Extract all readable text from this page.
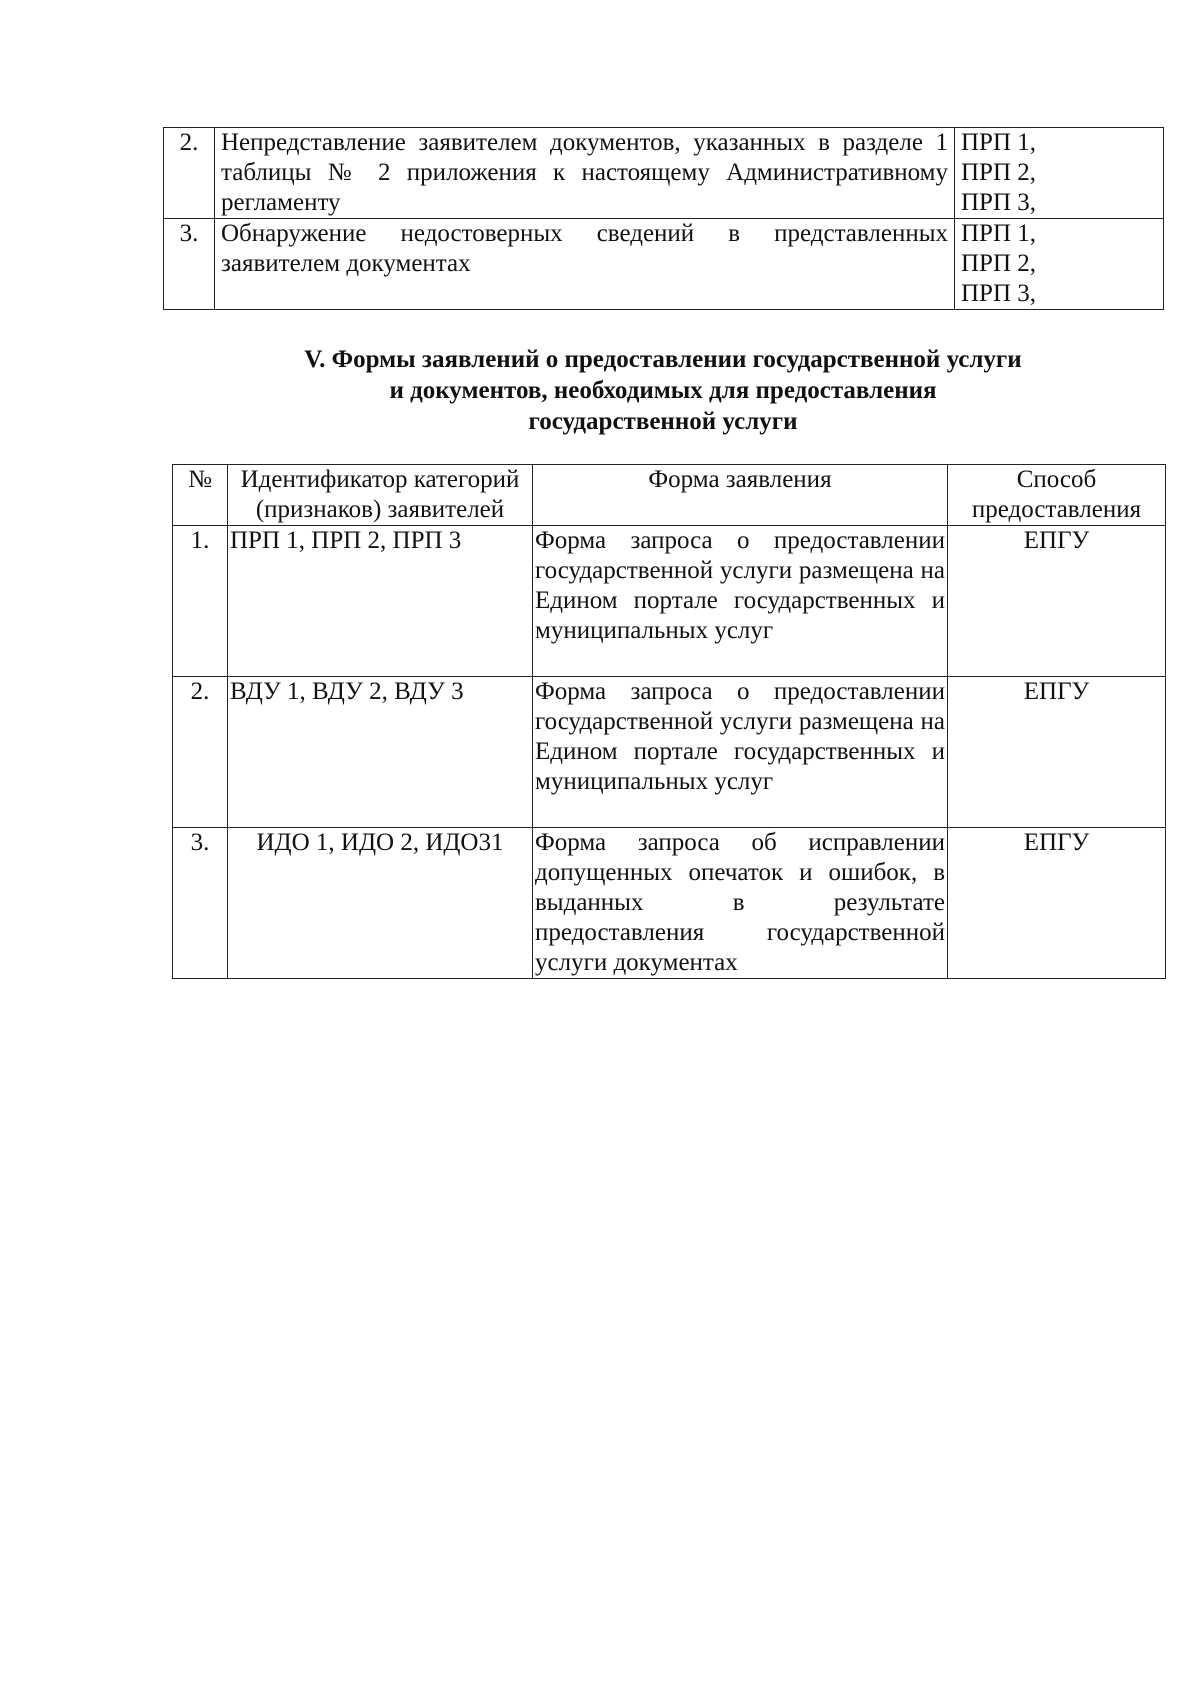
2.	Непредставление заявителем документов, указанных в разделе 1 таблицы № 2 приложения к настоящему Административному регламенту	ПРП 1,
ПРП 2,
ПРП 3,

3.	Обнаружение недостоверных сведений в представленных заявителем документах	ПРП 1,
ПРП 2,
ПРП 3,
V. Формы заявлений о предоставлении государственной услуги
и документов, необходимых для предоставления
государственной услуги
№	Идентификатор категорий (признаков) заявителей	Форма заявления	Способ предоставления
1.	ПРП 1, ПРП 2, ПРП 3	Форма запроса о предоставлении государственной услуги размещена на Едином портале государственных и муниципальных услуг	ЕПГУ
2.	ВДУ 1, ВДУ 2, ВДУ 3	Форма запроса о предоставлении государственной услуги размещена на Едином портале государственных и муниципальных услуг	ЕПГУ
3.	ИДО 1, ИДО 2, ИДО31	Форма запроса об исправлении допущенных опечаток и ошибок, в выданных в результате предоставления государственной услуги документах	ЕПГУ
